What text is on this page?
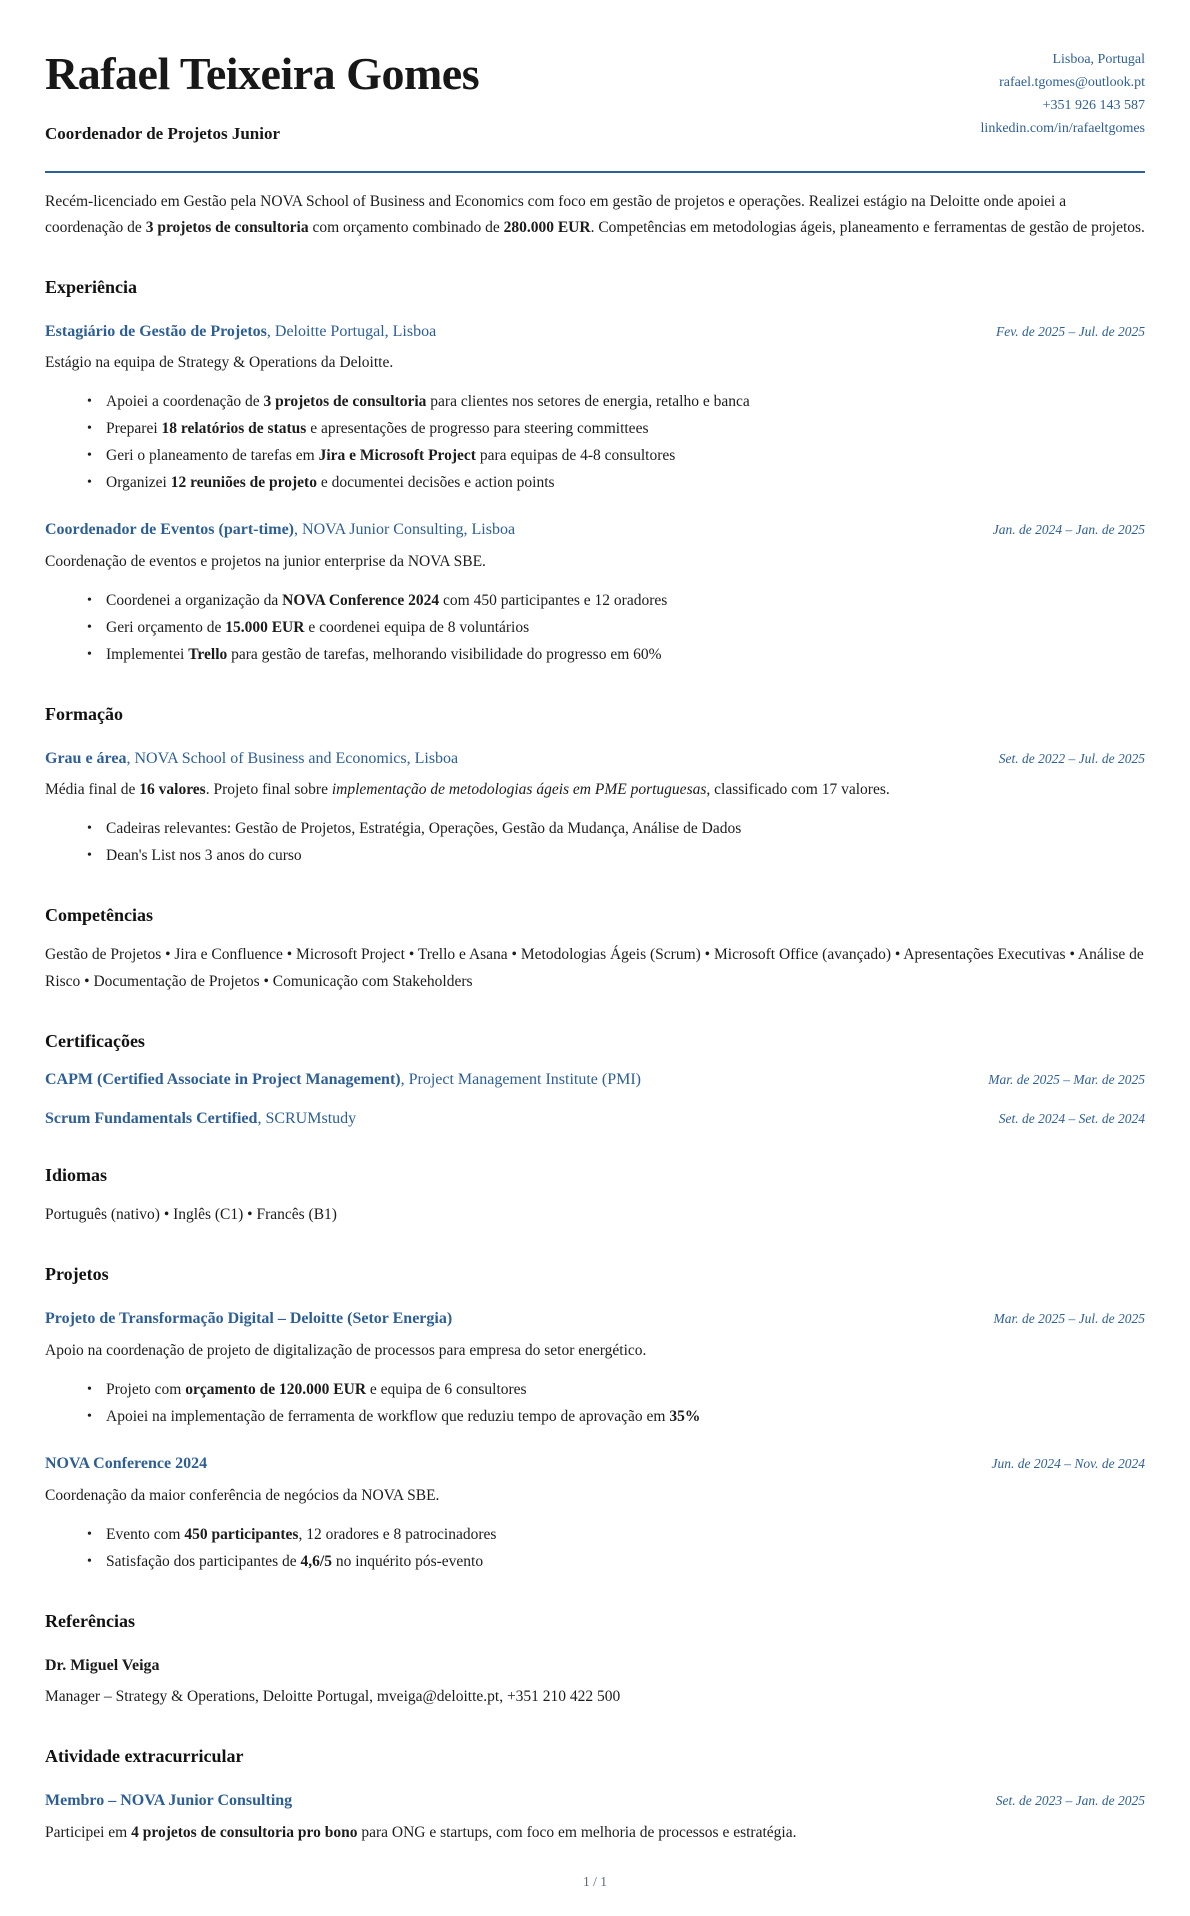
Rafael Teixeira Gomes
Coordenador de Projetos Junior
Lisboa, Portugal
rafael.tgomes@outlook.pt
+351 926 143 587
linkedin.com/in/rafaeltgomes

Recém-licenciado em Gestão pela NOVA School of Business and Economics com foco em gestão de projetos e operações. Realizei estágio na Deloitte onde apoiei a coordenação de 3 projetos de consultoria com orçamento combinado de 280.000 EUR. Competências em metodologias ágeis, planeamento e ferramentas de gestão de projetos.

Experiência
Estagiário de Gestão de Projetos, Deloitte Portugal, Lisboa	Fev. de 2025 – Jul. de 2025

Estágio na equipa de Strategy & Operations da Deloitte.

• Apoiei a coordenação de 3 projetos de consultoria para clientes nos setores de energia, retalho e banca
• Preparei 18 relatórios de status e apresentações de progresso para steering committees
• Geri o planeamento de tarefas em Jira e Microsoft Project para equipas de 4-8 consultores
• Organizei 12 reuniões de projeto e documentei decisões e action points
Coordenador de Eventos (part-time), NOVA Junior Consulting, Lisboa	Jan. de 2024 – Jan. de 2025

Coordenação de eventos e projetos na junior enterprise da NOVA SBE.

• Coordenei a organização da NOVA Conference 2024 com 450 participantes e 12 oradores
• Geri orçamento de 15.000 EUR e coordenei equipa de 8 voluntários
• Implementei Trello para gestão de tarefas, melhorando visibilidade do progresso em 60%
Formação
Grau e área, NOVA School of Business and Economics, Lisboa	Set. de 2022 – Jul. de 2025

Média final de 16 valores. Projeto final sobre implementação de metodologias ágeis em PME portuguesas, classificado com 17 valores.

• Cadeiras relevantes: Gestão de Projetos, Estratégia, Operações, Gestão da Mudança, Análise de Dados
• Dean's List nos 3 anos do curso
Competências

Gestão de Projetos • Jira e Confluence • Microsoft Project • Trello e Asana • Metodologias Ágeis (Scrum) • Microsoft Office (avançado) • Apresentações Executivas • Análise de Risco • Documentação de Projetos • Comunicação com Stakeholders

Certificações
CAPM (Certified Associate in Project Management), Project Management Institute (PMI)	Mar. de 2025 – Mar. de 2025
Scrum Fundamentals Certified, SCRUMstudy	Set. de 2024 – Set. de 2024
Idiomas

Português (nativo) • Inglês (C1) • Francês (B1)

Projetos
Projeto de Transformação Digital – Deloitte (Setor Energia)	Mar. de 2025 – Jul. de 2025

Apoio na coordenação de projeto de digitalização de processos para empresa do setor energético.

• Projeto com orçamento de 120.000 EUR e equipa de 6 consultores
• Apoiei na implementação de ferramenta de workflow que reduziu tempo de aprovação em 35%
NOVA Conference 2024	Jun. de 2024 – Nov. de 2024

Coordenação da maior conferência de negócios da NOVA SBE.

• Evento com 450 participantes, 12 oradores e 8 patrocinadores
• Satisfação dos participantes de 4,6/5 no inquérito pós-evento
Referências
Dr. Miguel Veiga

Manager – Strategy & Operations, Deloitte Portugal, mveiga@deloitte.pt, +351 210 422 500

Atividade extracurricular
Membro – NOVA Junior Consulting	Set. de 2023 – Jan. de 2025

Participei em 4 projetos de consultoria pro bono para ONG e startups, com foco em melhoria de processos e estratégia.

1 / 1
